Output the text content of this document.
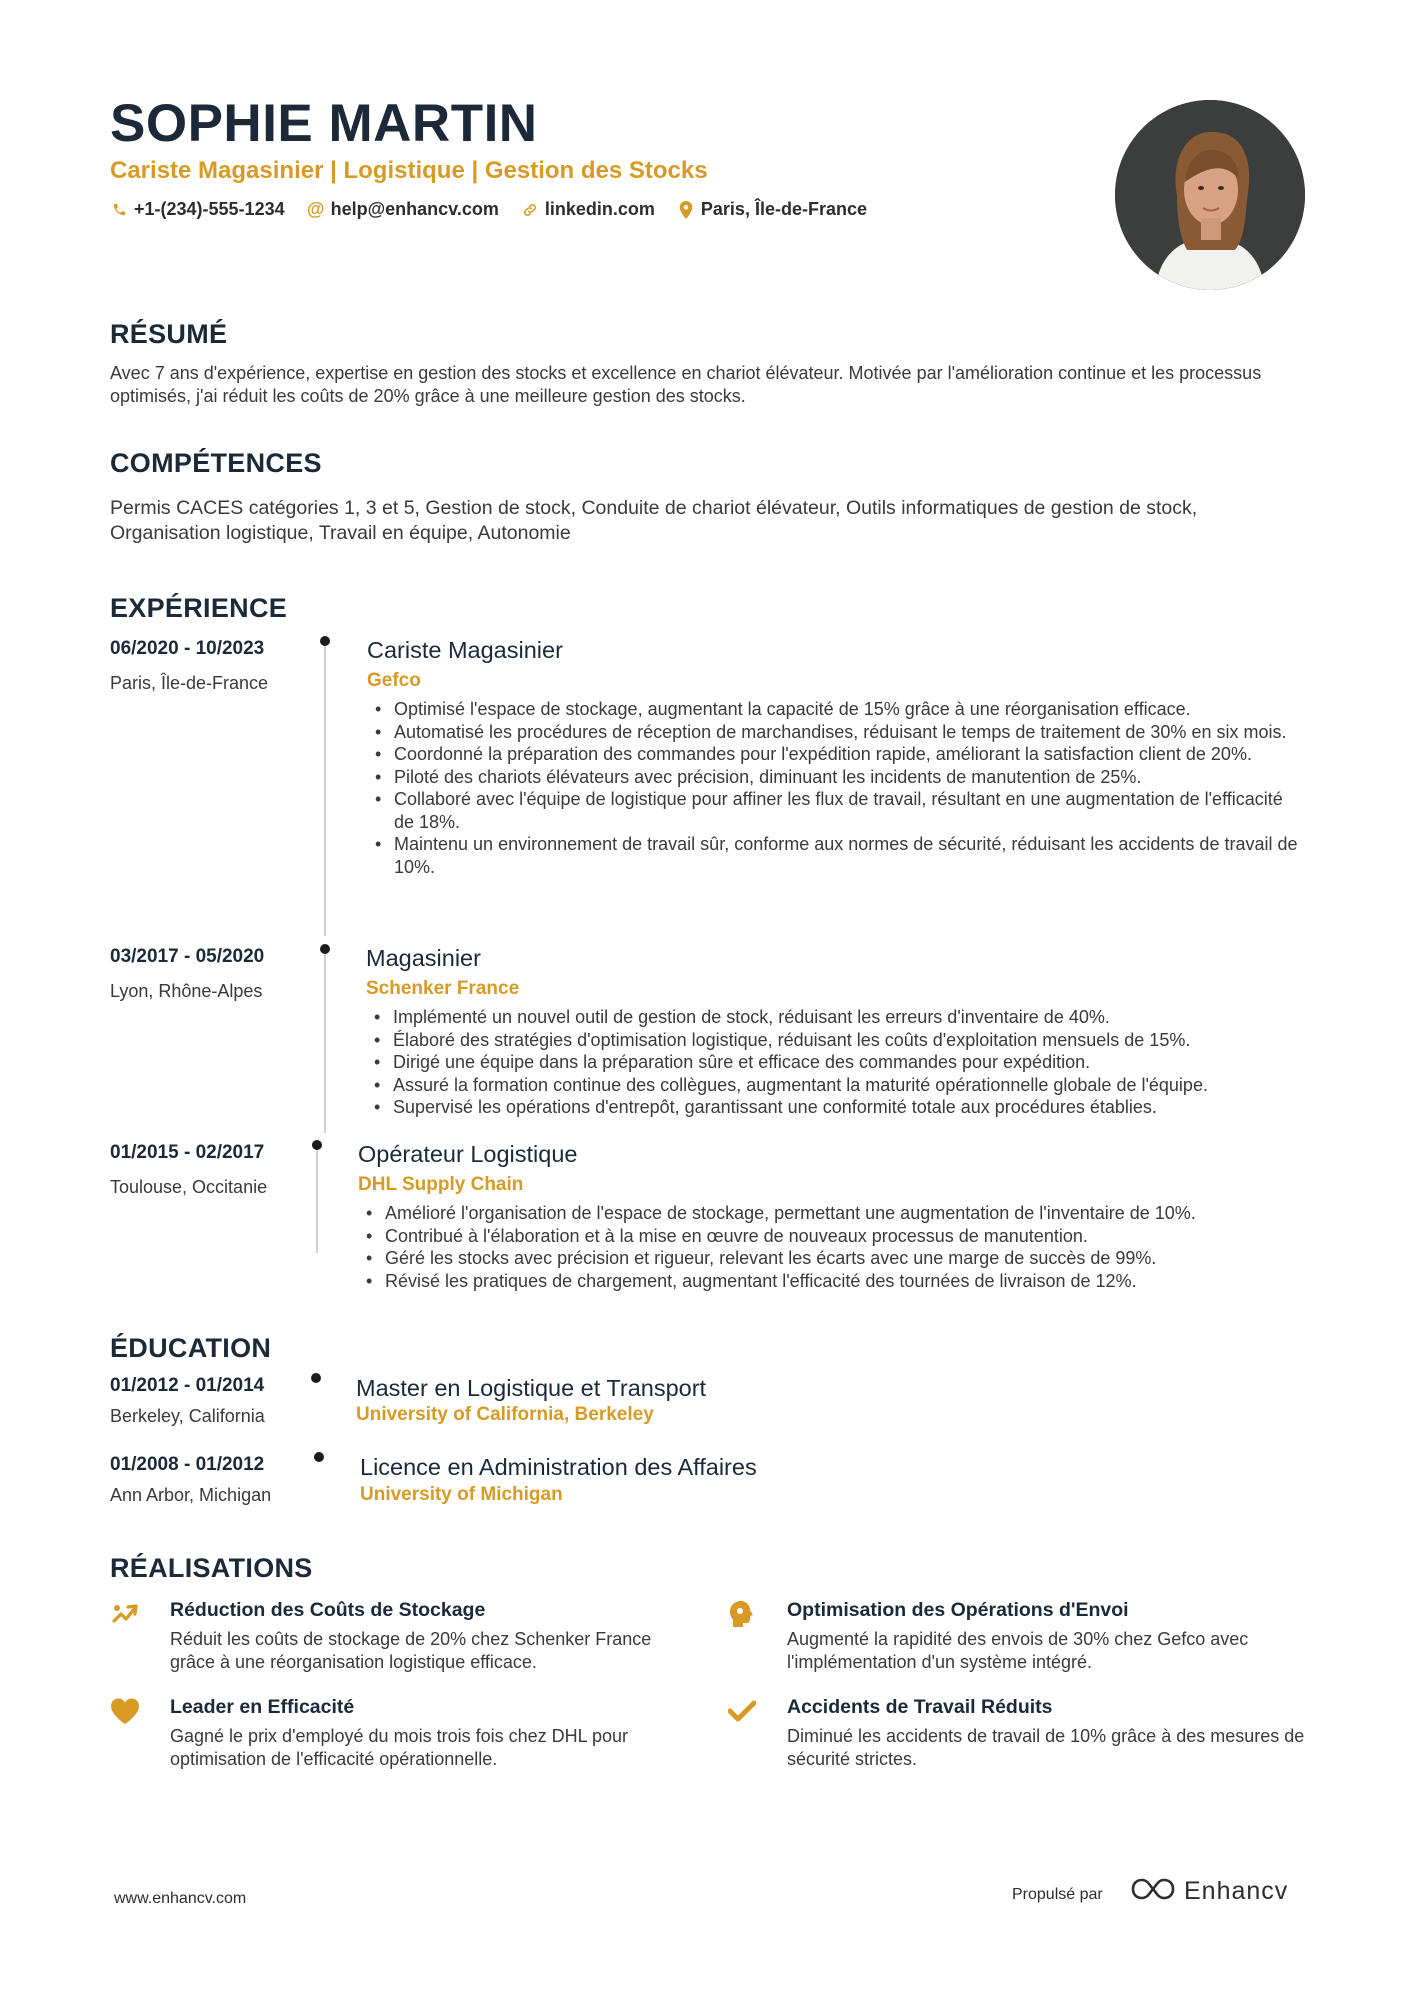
SOPHIE MARTIN
Cariste Magasinier | Logistique | Gestion des Stocks
+1-(234)-555-1234 @ help@enhancv.com	linkedin.com	Paris, Île-de-France
RÉSUMÉ
Avec 7 ans d'expérience, expertise en gestion des stocks et excellence en chariot élévateur. Motivée par l'amélioration continue et les processus optimisés, j'ai réduit les coûts de 20% grâce à une meilleure gestion des stocks.
COMPÉTENCES
Permis CACES catégories 1, 3 et 5, Gestion de stock, Conduite de chariot élévateur, Outils informatiques de gestion de stock, Organisation logistique, Travail en équipe, Autonomie
EXPÉRIENCE
06/2020 - 10/2023
Paris, Île-de-France
Cariste Magasinier
Gefco
• Optimisé l'espace de stockage, augmentant la capacité de 15% grâce à une réorganisation efficace.
• Automatisé les procédures de réception de marchandises, réduisant le temps de traitement de 30% en six mois.
• Coordonné la préparation des commandes pour l'expédition rapide, améliorant la satisfaction client de 20%.
• Piloté des chariots élévateurs avec précision, diminuant les incidents de manutention de 25%.
• Collaboré avec l'équipe de logistique pour affiner les flux de travail, résultant en une augmentation de l'efficacité de 18%.
• Maintenu un environnement de travail sûr, conforme aux normes de sécurité, réduisant les accidents de travail de 10%.
03/2017 - 05/2020
Lyon, Rhône-Alpes
Magasinier
Schenker France
• Implémenté un nouvel outil de gestion de stock, réduisant les erreurs d'inventaire de 40%.
• Élaboré des stratégies d'optimisation logistique, réduisant les coûts d'exploitation mensuels de 15%.
• Dirigé une équipe dans la préparation sûre et efficace des commandes pour expédition.
• Assuré la formation continue des collègues, augmentant la maturité opérationnelle globale de l'équipe.
• Supervisé les opérations d'entrepôt, garantissant une conformité totale aux procédures établies.
01/2015 - 02/2017
Toulouse, Occitanie
Opérateur Logistique
DHL Supply Chain
• Amélioré l'organisation de l'espace de stockage, permettant une augmentation de l'inventaire de 10%.
• Contribué à l'élaboration et à la mise en œuvre de nouveaux processus de manutention.
• Géré les stocks avec précision et rigueur, relevant les écarts avec une marge de succès de 99%.
• Révisé les pratiques de chargement, augmentant l'efficacité des tournées de livraison de 12%.
ÉDUCATION
01/2012 - 01/2014
Berkeley, California
Master en Logistique et Transport
University of California, Berkeley
01/2008 - 01/2012
Ann Arbor, Michigan
Licence en Administration des Affaires
University of Michigan
RÉALISATIONS
Réduction des Coûts de Stockage
Réduit les coûts de stockage de 20% chez Schenker France grâce à une réorganisation logistique efficace.
Optimisation des Opérations d'Envoi
Augmenté la rapidité des envois de 30% chez Gefco avec l'implémentation d'un système intégré.
Leader en Efficacité
Gagné le prix d'employé du mois trois fois chez DHL pour optimisation de l'efficacité opérationnelle.
Accidents de Travail Réduits
Diminué les accidents de travail de 10% grâce à des mesures de sécurité strictes.
www.enhancv.com	Propulsé par	Enhancv
